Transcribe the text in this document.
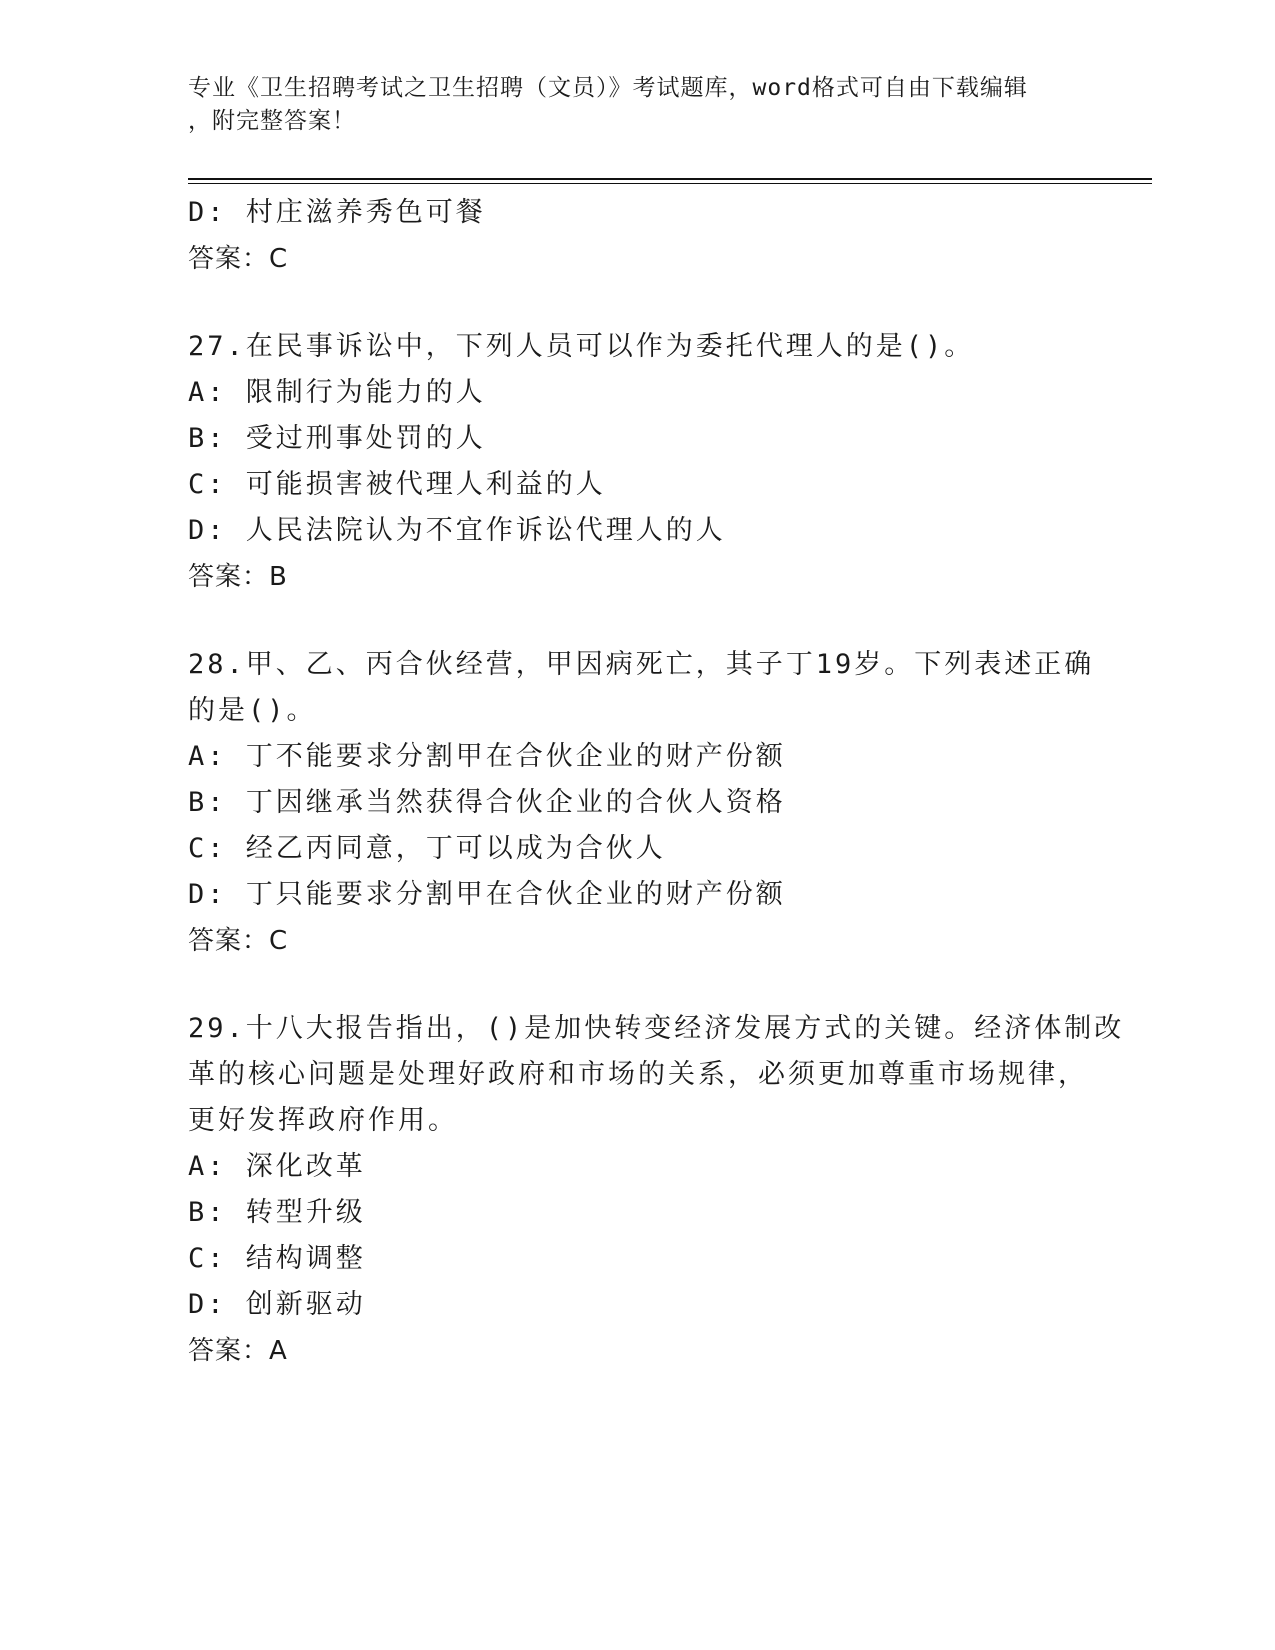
专业《卫生招聘考试之卫生招聘（文员）》考试题库，word格式可自由下载编辑
，附完整答案！
D: 村庄滋养秀色可餐
答案：C
27.在民事诉讼中，下列人员可以作为委托代理人的是()。
A: 限制行为能力的人
B: 受过刑事处罚的人
C: 可能损害被代理人利益的人
D: 人民法院认为不宜作诉讼代理人的人
答案：B
28.甲、乙、丙合伙经营，甲因病死亡，其子丁19岁。下列表述正确
的是()。
A: 丁不能要求分割甲在合伙企业的财产份额
B: 丁因继承当然获得合伙企业的合伙人资格
C: 经乙丙同意，丁可以成为合伙人
D: 丁只能要求分割甲在合伙企业的财产份额
答案：C
29.十八大报告指出，()是加快转变经济发展方式的关键。经济体制改
革的核心问题是处理好政府和市场的关系，必须更加尊重市场规律，
更好发挥政府作用。
A: 深化改革
B: 转型升级
C: 结构调整
D: 创新驱动
答案：A
